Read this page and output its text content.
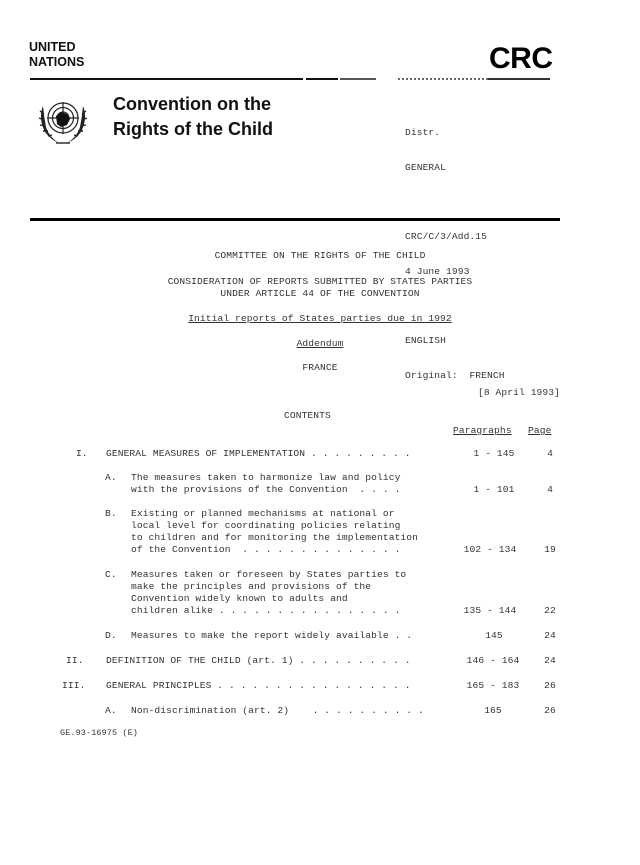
UNITED
NATIONS	CRC
Convention on the
Rights of the Child

	Distr.

GENERAL

CRC/C/3/Add.15

4 June 1993

ENGLISH

Original: FRENCH

COMMITTEE ON THE RIGHTS OF THE CHILD
CONSIDERATION OF REPORTS SUBMITTED BY STATES PARTIES
UNDER ARTICLE 44 OF THE CONVENTION
Initial reports of States parties due in 1992
Addendum
FRANCE
[8 April 1993]
CONTENTS
Paragraphs Page
I. GENERAL MEASURES OF IMPLEMENTATION . . . . . . . . .	1 - 145	4
A. The measures taken to harmonize law and policy
with the provisions of the Convention  . . . .	1 - 101	4
B. Existing or planned mechanisms at national or
local level for coordinating policies relating
to children and for monitoring the implementation
of the Convention  . . . . . . . . . . . . . .	102 - 134	19
C. Measures taken or foreseen by States parties to
make the principles and provisions of the
Convention widely known to adults and
children alike . . . . . . . . . . . . . . . .	135 - 144	22
D. Measures to make the report widely available . .	145	24
II. DEFINITION OF THE CHILD (art. 1) . . . . . . . . . .	146 - 164	24
III. GENERAL PRINCIPLES . . . . . . . . . . . . . . . . .	165 - 183	26
A. Non-discrimination (art. 2)    . . . . . . . . . .	165	26
GE.93-16975 (E)
